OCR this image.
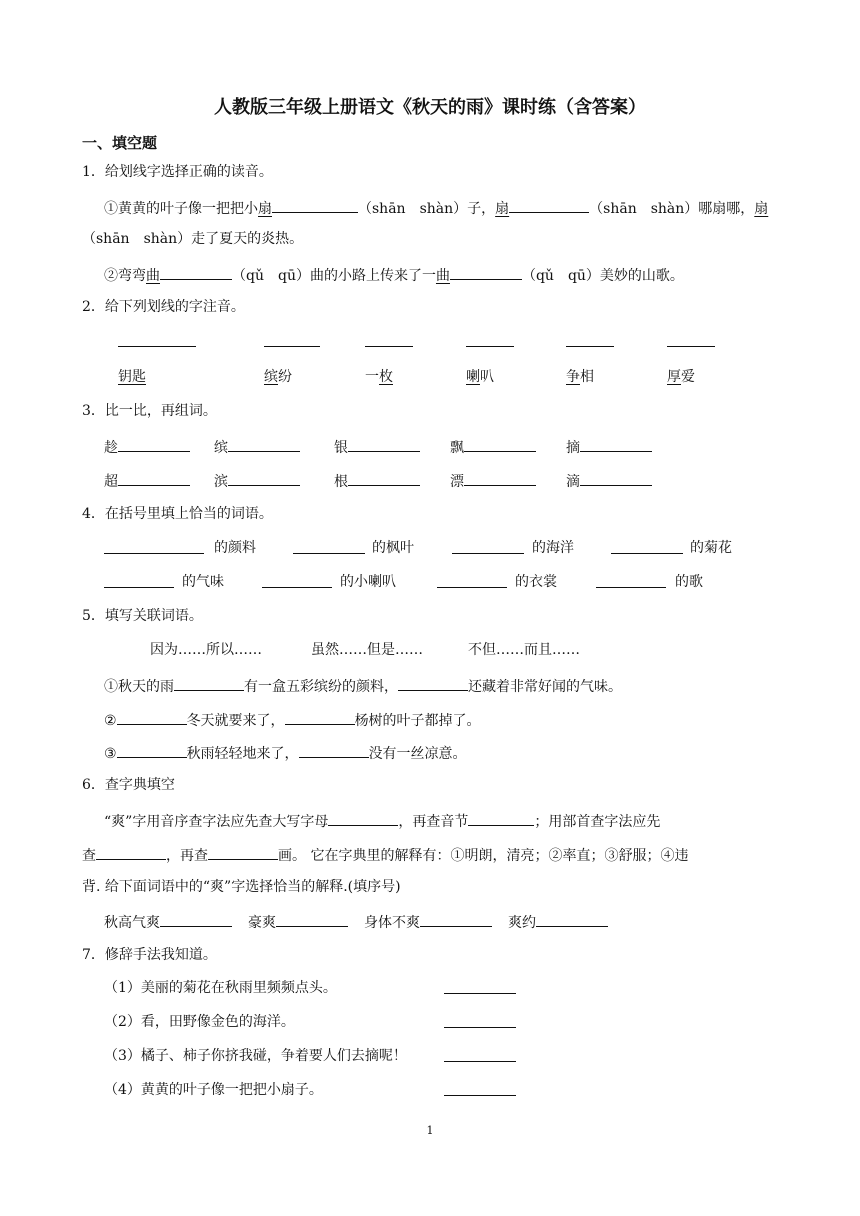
人教版三年级上册语文《秋天的雨》课时练（含答案）
一、填空题
1．给划线字选择正确的读音。
①黄黄的叶子像一把把小扇	（shān　shàn）子，扇	（shān　shàn）哪扇哪，扇
（shān　shàn）走了夏天的炎热。
②弯弯曲	（qǔ　qū）曲的小路上传来了一曲	（qǔ　qū）美妙的山歌。
2．给下列划线的字注音。
钥匙	缤纷	一枚	喇叭	争相	厚爱
3．比一比，再组词。
趁	缤	银	飘	摘
超	滨	根	漂	滴
4．在括号里填上恰当的词语。
的颜料	的枫叶	的海洋	的菊花
的气味	的小喇叭	的衣裳	的歌
5．填写关联词语。
因为……所以……	虽然……但是……	不但……而且……
①秋天的雨	有一盒五彩缤纷的颜料，	还藏着非常好闻的气味。
②	冬天就要来了，	杨树的叶子都掉了。
③	秋雨轻轻地来了，	没有一丝凉意。
6．查字典填空
“爽”字用音序查字法应先查大写字母	，再查音节	；用部首查字法应先
查	，再查	画。 它在字典里的解释有：①明朗，清亮；②率直；③舒服；④违
背. 给下面词语中的“爽”字选择恰当的解释.(填序号)
秋高气爽	豪爽	身体不爽	爽约
7．修辞手法我知道。
（1）美丽的菊花在秋雨里频频点头。
（2）看，田野像金色的海洋。
（3）橘子、柿子你挤我碰，争着要人们去摘呢！
（4）黄黄的叶子像一把把小扇子。
1
